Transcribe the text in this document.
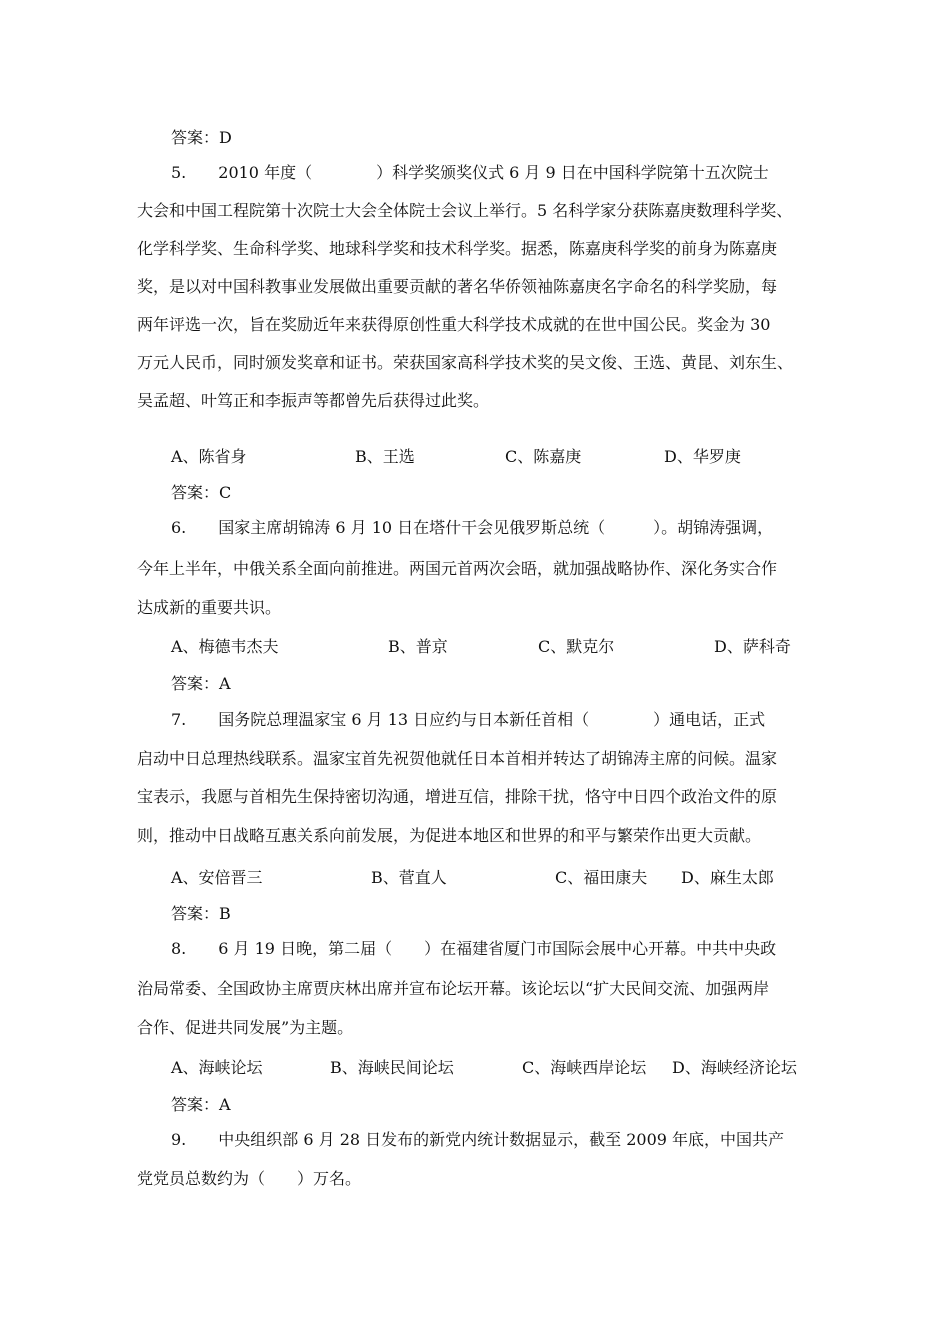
答案：D
5.　　2010 年度（　　　　）科学奖颁奖仪式 6 月 9 日在中国科学院第十五次院士
大会和中国工程院第十次院士大会全体院士会议上举行。5 名科学家分获陈嘉庚数理科学奖、
化学科学奖、生命科学奖、地球科学奖和技术科学奖。据悉，陈嘉庚科学奖的前身为陈嘉庚
奖，是以对中国科教事业发展做出重要贡献的著名华侨领袖陈嘉庚名字命名的科学奖励，每
两年评选一次，旨在奖励近年来获得原创性重大科学技术成就的在世中国公民。奖金为 30
万元人民币，同时颁发奖章和证书。荣获国家高科学技术奖的吴文俊、王选、黄昆、刘东生、
吴孟超、叶笃正和李振声等都曾先后获得过此奖。
A、陈省身	B、王选	C、陈嘉庚	D、华罗庚
答案：C
6.　　国家主席胡锦涛 6 月 10 日在塔什干会见俄罗斯总统（　　　）。胡锦涛强调，
今年上半年，中俄关系全面向前推进。两国元首两次会晤，就加强战略协作、深化务实合作
达成新的重要共识。
A、梅德韦杰夫	B、普京	C、默克尔	D、萨科奇
答案：A
7.　　国务院总理温家宝 6 月 13 日应约与日本新任首相（　　　　）通电话，正式
启动中日总理热线联系。温家宝首先祝贺他就任日本首相并转达了胡锦涛主席的问候。温家
宝表示，我愿与首相先生保持密切沟通，增进互信，排除干扰，恪守中日四个政治文件的原
则，推动中日战略互惠关系向前发展，为促进本地区和世界的和平与繁荣作出更大贡献。
A、安倍晋三	B、菅直人	C、福田康夫 D、麻生太郎
答案：B
8.　　6 月 19 日晚，第二届（　　）在福建省厦门市国际会展中心开幕。中共中央政
治局常委、全国政协主席贾庆林出席并宣布论坛开幕。该论坛以“扩大民间交流、加强两岸
合作、促进共同发展”为主题。
A、海峡论坛	B、海峡民间论坛	C、海峡西岸论坛 D、海峡经济论坛
答案：A
9.　　中央组织部 6 月 28 日发布的新党内统计数据显示，截至 2009 年底，中国共产
党党员总数约为（　　）万名。
